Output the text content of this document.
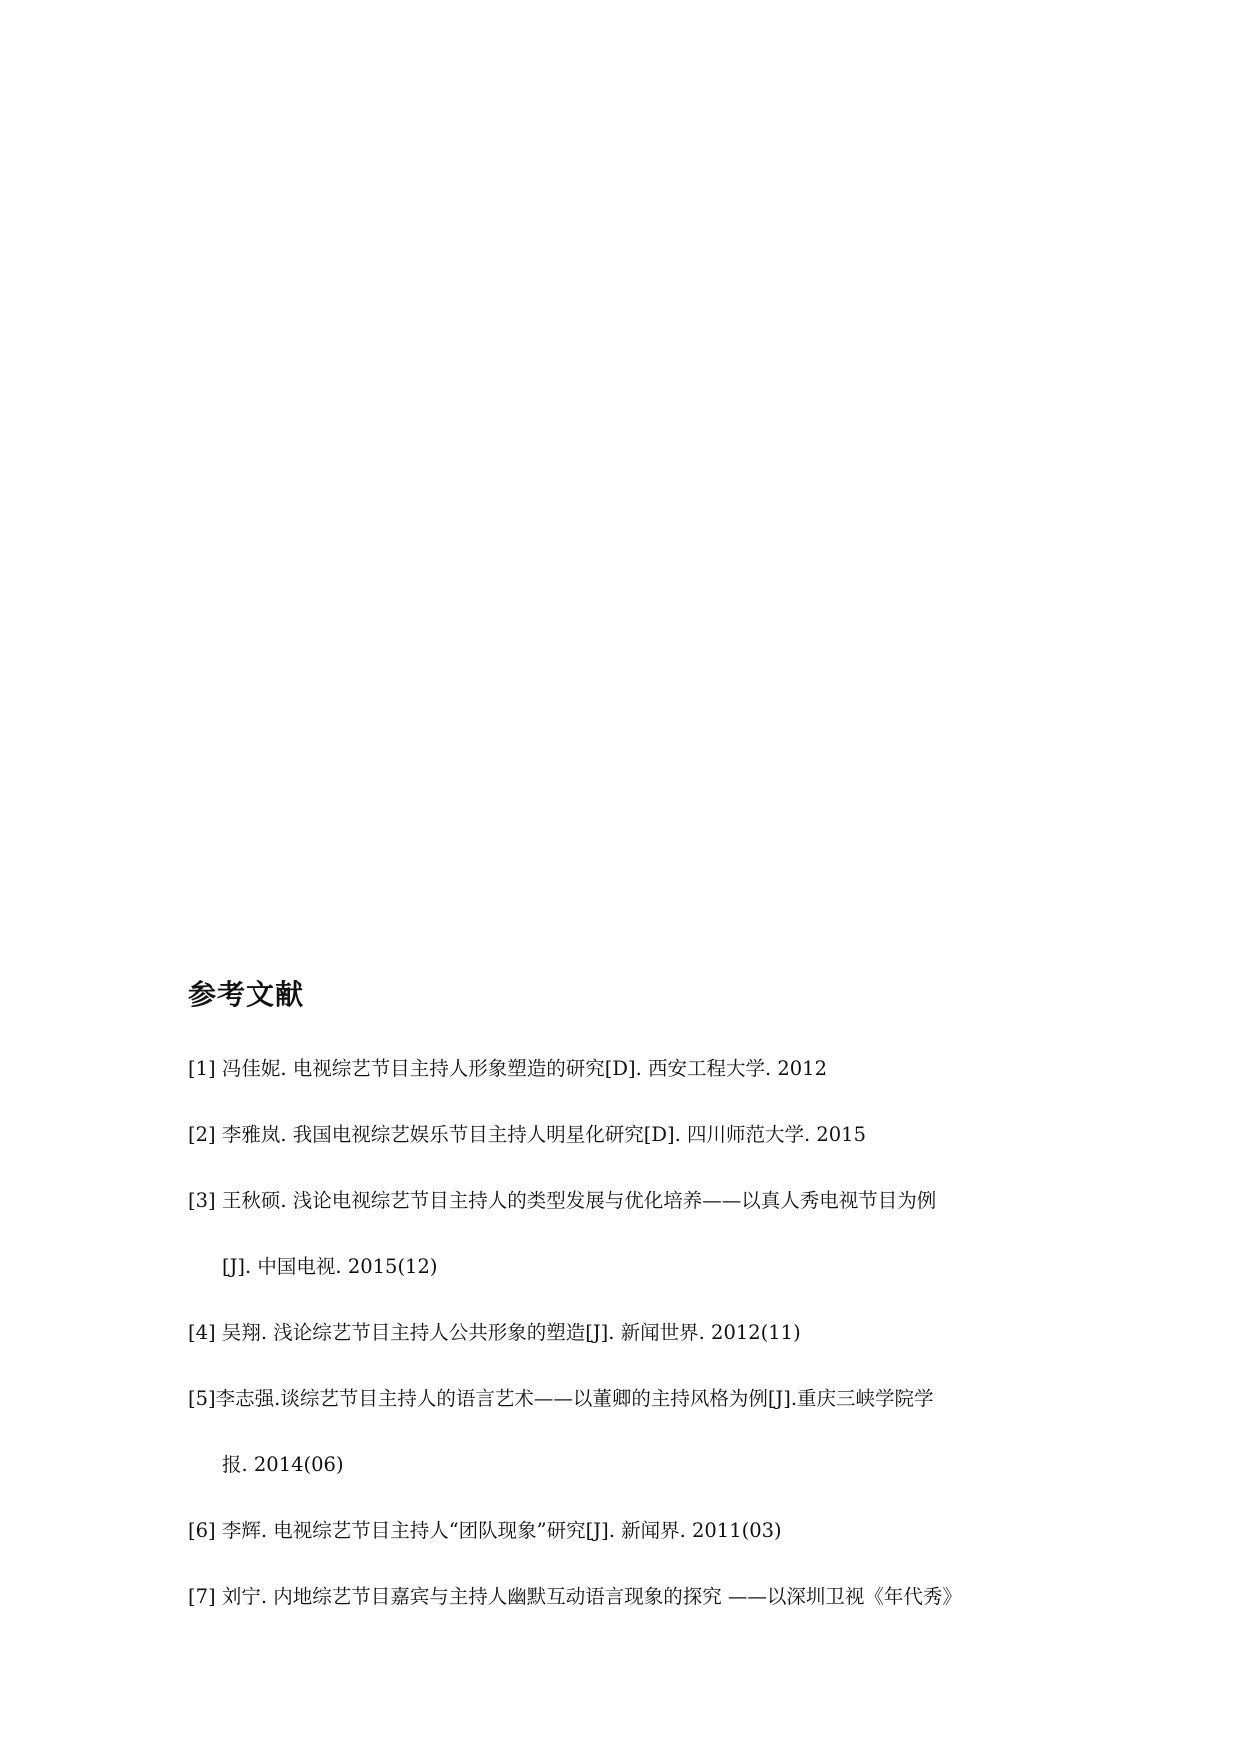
参考文献
[1] 冯佳妮. 电视综艺节目主持人形象塑造的研究[D]. 西安工程大学. 2012
[2] 李雅岚. 我国电视综艺娱乐节目主持人明星化研究[D]. 四川师范大学. 2015
[3] 王秋硕. 浅论电视综艺节目主持人的类型发展与优化培养——以真人秀电视节目为例
[J]. 中国电视. 2015(12)
[4] 吴翔. 浅论综艺节目主持人公共形象的塑造[J]. 新闻世界. 2012(11)
[5]李志强.谈综艺节目主持人的语言艺术——以董卿的主持风格为例[J].重庆三峡学院学
报. 2014(06)
[6] 李辉. 电视综艺节目主持人“团队现象”研究[J]. 新闻界. 2011(03)
[7] 刘宁. 内地综艺节目嘉宾与主持人幽默互动语言现象的探究 ——以深圳卫视《年代秀》
